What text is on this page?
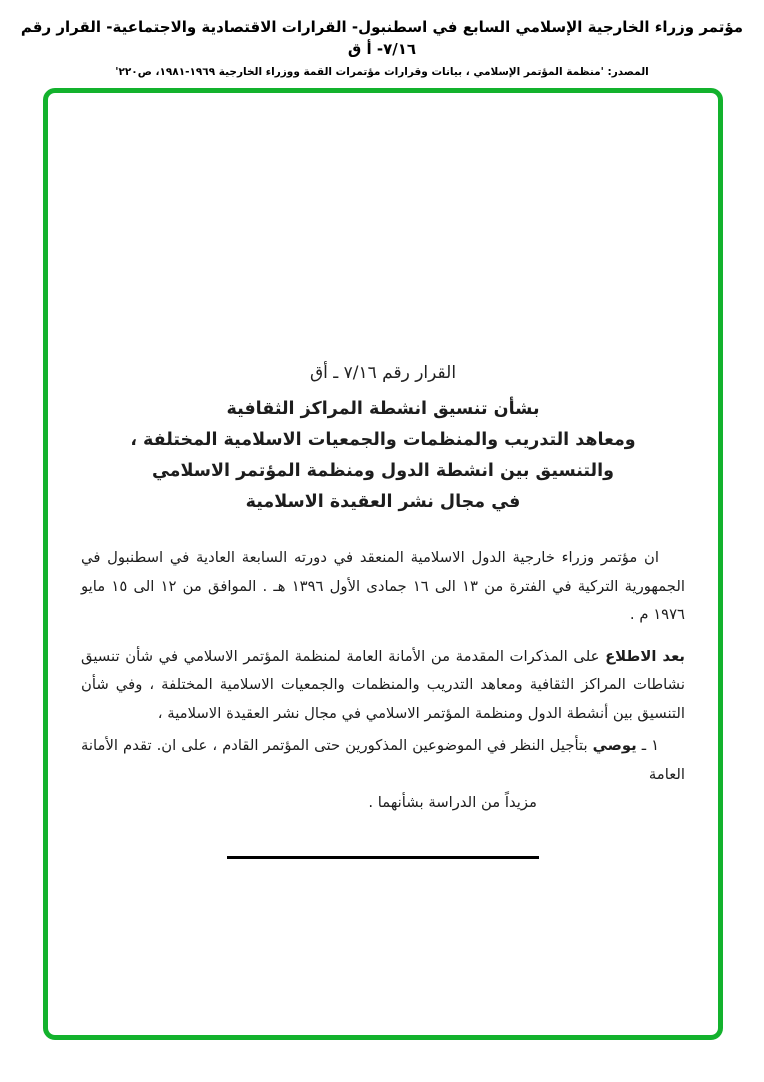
مؤتمر وزراء الخارجية الإسلامي السابع في اسطنبول- القرارات الاقتصادية والاجتماعية- القرار رقم ٧/١٦- أ ق
المصدر: 'منظمة المؤتمر الإسلامي ، بيانات وقرارات مؤتمرات القمة ووزراء الخارجية ١٩٦٩-١٩٨١، ص٢٢٠'
القرار رقم ٧/١٦ ـ أق
بشأن تنسيق انشطة المراكز الثقافية
ومعاهد التدريب والمنظمات والجمعيات الاسلامية المختلفة ،
والتنسيق بين انشطة الدول ومنظمة المؤتمر الاسلامي
في مجال نشر العقيدة الاسلامية

ان مؤتمر وزراء خارجية الدول الاسلامية المنعقد في دورته السابعة العادية في اسطنبول في الجمهورية التركية في الفترة من ١٣ الى ١٦ جمادى الأول ١٣٩٦ هـ . الموافق من ١٢ الى ١٥ مايو ١٩٧٦ م .

بعد الاطلاع على المذكرات المقدمة من الأمانة العامة لمنظمة المؤتمر الاسلامي في شأن تنسيق نشاطات المراكز الثقافية ومعاهد التدريب والمنظمات والجمعيات الاسلامية المختلفة ، وفي شأن التنسيق بين أنشطة الدول ومنظمة المؤتمر الاسلامي في مجال نشر العقيدة الاسلامية ،

١ ـ يوصي بتأجيل النظر في الموضوعين المذكورين حتى المؤتمر القادم ، على ان. تقدم الأمانة العامة

مزيداً من الدراسة بشأنهما .
